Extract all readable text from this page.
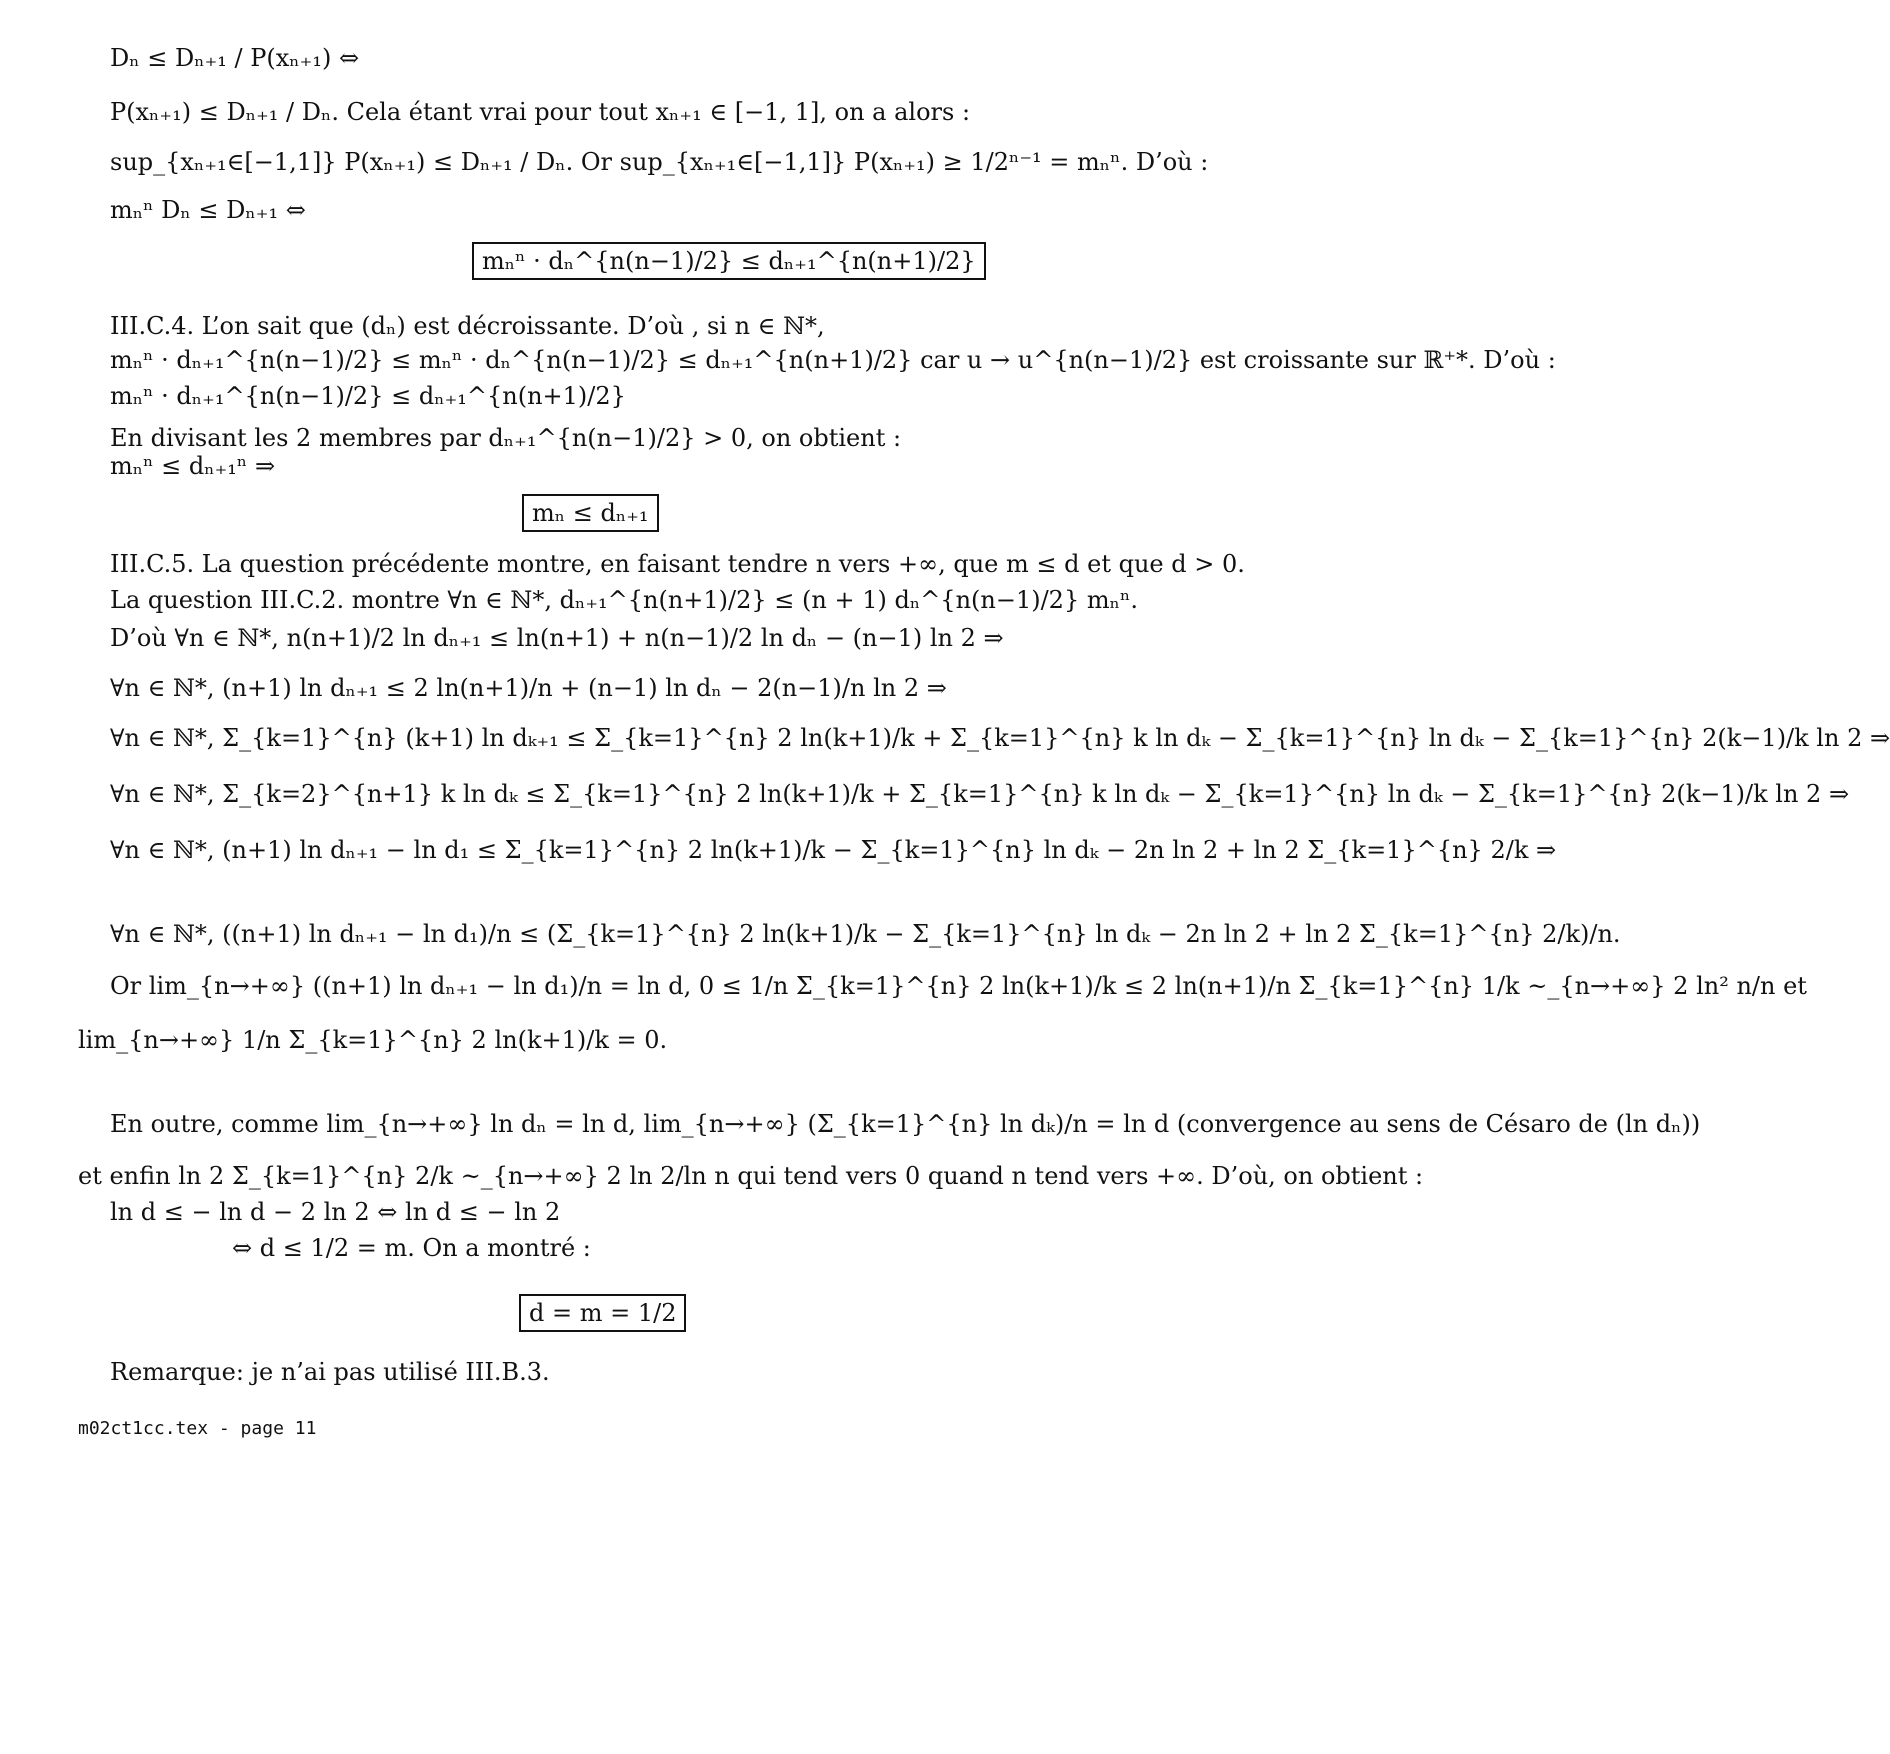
Dₙ ≤ Dₙ₊₁ / P(xₙ₊₁) ⇔
P(xₙ₊₁) ≤ Dₙ₊₁ / Dₙ. Cela étant vrai pour tout xₙ₊₁ ∈ [−1, 1], on a alors :
sup_{xₙ₊₁∈[−1,1]} P(xₙ₊₁) ≤ Dₙ₊₁ / Dₙ. Or sup_{xₙ₊₁∈[−1,1]} P(xₙ₊₁) ≥ 1/2ⁿ⁻¹ = mₙⁿ. D’où :
mₙⁿ Dₙ ≤ Dₙ₊₁ ⇔
mₙⁿ · dₙ^{n(n−1)/2} ≤ dₙ₊₁^{n(n+1)/2}
III.C.4. L’on sait que (dₙ) est décroissante. D’où , si n ∈ ℕ*,
mₙⁿ · dₙ₊₁^{n(n−1)/2} ≤ mₙⁿ · dₙ^{n(n−1)/2} ≤ dₙ₊₁^{n(n+1)/2} car u → u^{n(n−1)/2} est croissante sur ℝ⁺*. D’où :
mₙⁿ · dₙ₊₁^{n(n−1)/2} ≤ dₙ₊₁^{n(n+1)/2}
En divisant les 2 membres par dₙ₊₁^{n(n−1)/2} > 0, on obtient :
mₙⁿ ≤ dₙ₊₁ⁿ ⇒
mₙ ≤ dₙ₊₁
III.C.5. La question précédente montre, en faisant tendre n vers +∞, que m ≤ d et que d > 0.
La question III.C.2. montre ∀n ∈ ℕ*, dₙ₊₁^{n(n+1)/2} ≤ (n + 1) dₙ^{n(n−1)/2} mₙⁿ.
D’où ∀n ∈ ℕ*, n(n+1)/2 ln dₙ₊₁ ≤ ln(n+1) + n(n−1)/2 ln dₙ − (n−1) ln 2 ⇒
∀n ∈ ℕ*, (n+1) ln dₙ₊₁ ≤ 2 ln(n+1)/n + (n−1) ln dₙ − 2(n−1)/n ln 2 ⇒
∀n ∈ ℕ*, Σ_{k=1}^{n} (k+1) ln dₖ₊₁ ≤ Σ_{k=1}^{n} 2 ln(k+1)/k + Σ_{k=1}^{n} k ln dₖ − Σ_{k=1}^{n} ln dₖ − Σ_{k=1}^{n} 2(k−1)/k ln 2 ⇒
∀n ∈ ℕ*, Σ_{k=2}^{n+1} k ln dₖ ≤ Σ_{k=1}^{n} 2 ln(k+1)/k + Σ_{k=1}^{n} k ln dₖ − Σ_{k=1}^{n} ln dₖ − Σ_{k=1}^{n} 2(k−1)/k ln 2 ⇒
∀n ∈ ℕ*, (n+1) ln dₙ₊₁ − ln d₁ ≤ Σ_{k=1}^{n} 2 ln(k+1)/k − Σ_{k=1}^{n} ln dₖ − 2n ln 2 + ln 2 Σ_{k=1}^{n} 2/k ⇒
∀n ∈ ℕ*, ((n+1) ln dₙ₊₁ − ln d₁)/n ≤ (Σ_{k=1}^{n} 2 ln(k+1)/k − Σ_{k=1}^{n} ln dₖ − 2n ln 2 + ln 2 Σ_{k=1}^{n} 2/k)/n.
Or lim_{n→+∞} ((n+1) ln dₙ₊₁ − ln d₁)/n = ln d, 0 ≤ 1/n Σ_{k=1}^{n} 2 ln(k+1)/k ≤ 2 ln(n+1)/n Σ_{k=1}^{n} 1/k ~_{n→+∞} 2 ln² n/n et
lim_{n→+∞} 1/n Σ_{k=1}^{n} 2 ln(k+1)/k = 0.
En outre, comme lim_{n→+∞} ln dₙ = ln d, lim_{n→+∞} (Σ_{k=1}^{n} ln dₖ)/n = ln d (convergence au sens de Césaro de (ln dₙ))
et enfin ln 2 Σ_{k=1}^{n} 2/k ~_{n→+∞} 2 ln 2/ln n qui tend vers 0 quand n tend vers +∞. D’où, on obtient :
ln d ≤ − ln d − 2 ln 2 ⇔ ln d ≤ − ln 2
⇔ d ≤ 1/2 = m. On a montré :
d = m = 1/2
Remarque: je n’ai pas utilisé III.B.3.
m02ct1cc.tex - page 11
